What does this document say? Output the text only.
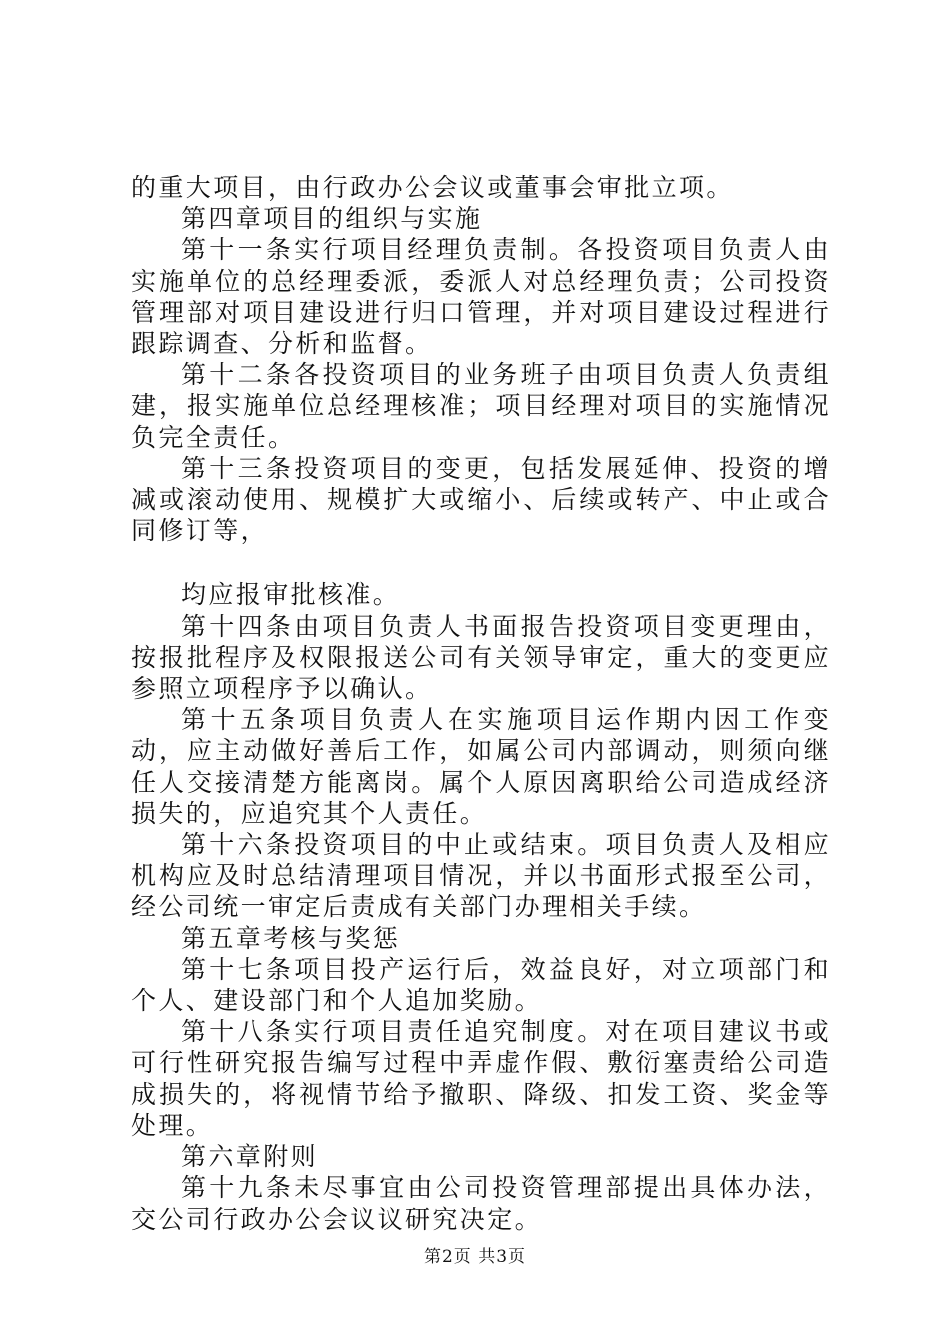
的重大项目，由行政办公会议或董事会审批立项。

第四章项目的组织与实施

第十一条实行项目经理负责制。各投资项目负责人由实施单位的总经理委派，委派人对总经理负责；公司投资管理部对项目建设进行归口管理，并对项目建设过程进行跟踪调查、分析和监督。

第十二条各投资项目的业务班子由项目负责人负责组建，报实施单位总经理核准；项目经理对项目的实施情况负完全责任。

第十三条投资项目的变更，包括发展延伸、投资的增减或滚动使用、规模扩大或缩小、后续或转产、中止或合同修订等，

均应报审批核准。

第十四条由项目负责人书面报告投资项目变更理由，按报批程序及权限报送公司有关领导审定，重大的变更应参照立项程序予以确认。

第十五条项目负责人在实施项目运作期内因工作变动，应主动做好善后工作，如属公司内部调动，则须向继任人交接清楚方能离岗。属个人原因离职给公司造成经济损失的，应追究其个人责任。

第十六条投资项目的中止或结束。项目负责人及相应机构应及时总结清理项目情况，并以书面形式报至公司，经公司统一审定后责成有关部门办理相关手续。

第五章考核与奖惩

第十七条项目投产运行后，效益良好，对立项部门和个人、建设部门和个人追加奖励。

第十八条实行项目责任追究制度。对在项目建议书或可行性研究报告编写过程中弄虚作假、敷衍塞责给公司造成损失的，将视情节给予撤职、降级、扣发工资、奖金等处理。

第六章附则

第十九条未尽事宜由公司投资管理部提出具体办法，交公司行政办公会议议研究决定。

第2页 共3页
